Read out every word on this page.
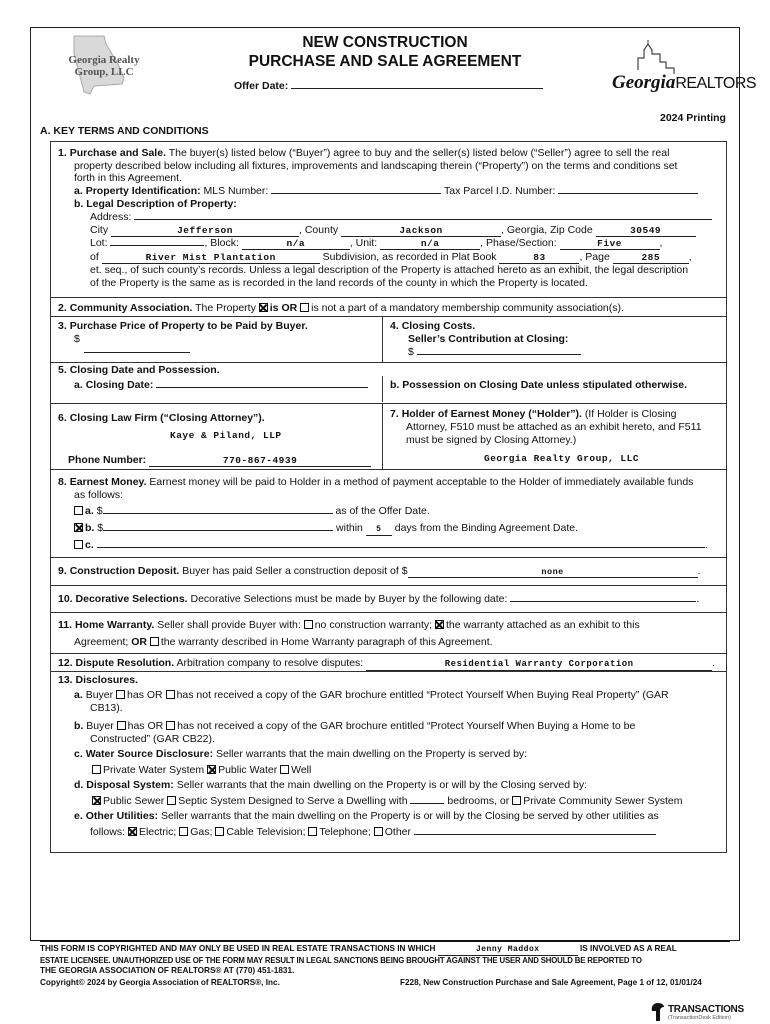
Georgia Realty
Group, LLC
NEW CONSTRUCTION
PURCHASE AND SALE AGREEMENT
Offer Date:	GeorgiaREALTORS
2024 Printing
A. KEY TERMS AND CONDITIONS
1. Purchase and Sale. The buyer(s) listed below (“Buyer”) agree to buy and the seller(s) listed below (“Seller”) agree to sell the real
property described below including all fixtures, improvements and landscaping therein (“Property”) on the terms and conditions set
forth in this Agreement.
a. Property Identification: MLS Number:	Tax Parcel I.D. Number:
b. Legal Description of Property:
Address:
City	Jefferson	, County	Jackson	, Georgia, Zip Code	30549
Lot:	, Block:	n/a	, Unit:	n/a	, Phase/Section:	Five	,
of	River Mist Plantation	Subdivision, as recorded in Plat Book	83	, Page	285	,
et. seq., of such county’s records. Unless a legal description of the Property is attached hereto as an exhibit, the legal description
of the Property is the same as is recorded in the land records of the county in which the Property is located.
2. Community Association. The Property is OR is not a part of a mandatory membership community association(s).
3. Purchase Price of Property to be Paid by Buyer.
$
4. Closing Costs.
Seller’s Contribution at Closing:
$
5. Closing Date and Possession.
a. Closing Date:	b. Possession on Closing Date unless stipulated otherwise.
6. Closing Law Firm (“Closing Attorney”).
Kaye & Piland, LLP
Phone Number:	770-867-4939
7. Holder of Earnest Money (“Holder”). (If Holder is Closing
Attorney, F510 must be attached as an exhibit hereto, and F511
must be signed by Closing Attorney.)
Georgia Realty Group, LLC
8. Earnest Money. Earnest money will be paid to Holder in a method of payment acceptable to the Holder of immediately available funds
as follows:
a. $	as of the Offer Date.
b. $	within 5 days from the Binding Agreement Date.
c.	.
9. Construction Deposit. Buyer has paid Seller a construction deposit of $	none	.
10. Decorative Selections. Decorative Selections must be made by Buyer by the following date:	.
11. Home Warranty. Seller shall provide Buyer with: no construction warranty; the warranty attached as an exhibit to this
Agreement; OR the warranty described in Home Warranty paragraph of this Agreement.
12. Dispute Resolution. Arbitration company to resolve disputes:	Residential Warranty Corporation	.
13. Disclosures.
a. Buyer has OR has not received a copy of the GAR brochure entitled “Protect Yourself When Buying Real Property” (GAR
CB13).
b. Buyer has OR has not received a copy of the GAR brochure entitled “Protect Yourself When Buying a Home to be
Constructed” (GAR CB22).
c. Water Source Disclosure: Seller warrants that the main dwelling on the Property is served by:
Private Water System Public Water Well
d. Disposal System: Seller warrants that the main dwelling on the Property is or will by the Closing served by:
Public Sewer Septic System Designed to Serve a Dwelling with	bedrooms, or Private Community Sewer System
e. Other Utilities: Seller warrants that the main dwelling on the Property is or will by the Closing be served by other utilities as
follows: Electric; Gas; Cable Television; Telephone; Other
THIS FORM IS COPYRIGHTED AND MAY ONLY BE USED IN REAL ESTATE TRANSACTIONS IN WHICH	Jenny Maddox	IS INVOLVED AS A REAL
ESTATE LICENSEE. UNAUTHORIZED USE OF THE FORM MAY RESULT IN LEGAL SANCTIONS BEING BROUGHT AGAINST THE USER AND SHOULD BE REPORTED TO
THE GEORGIA ASSOCIATION OF REALTORS® AT (770) 451-1831.
Copyright© 2024 by Georgia Association of REALTORS®, Inc.	F228, New Construction Purchase and Sale Agreement, Page 1 of 12, 01/01/24
TRANSACTIONS
(TransactionDesk Edition)
